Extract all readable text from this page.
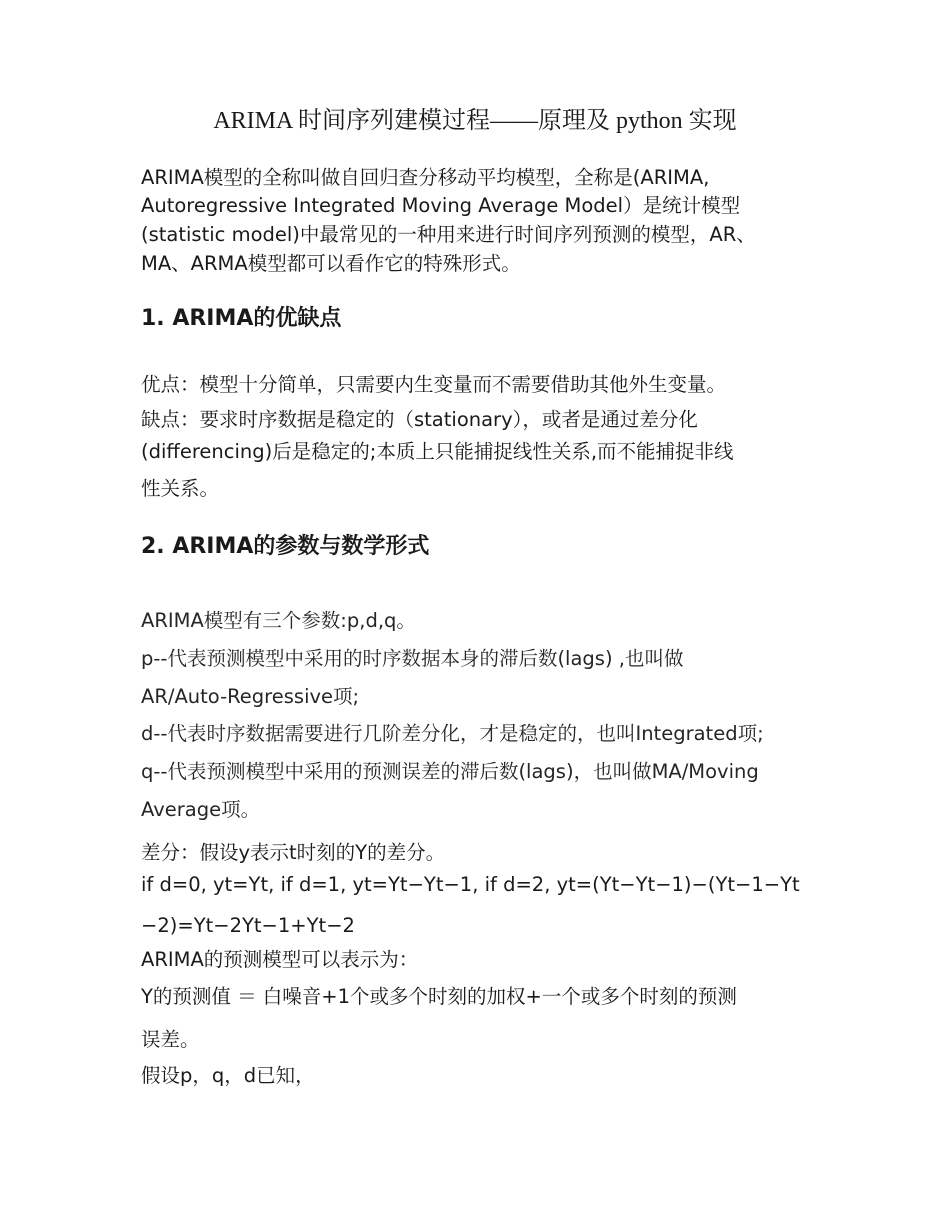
ARIMA 时间序列建模过程——原理及 python 实现
ARIMA模型的全称叫做自回归查分移动平均模型，全称是(ARIMA,
Autoregressive Integrated Moving Average Model）是统计模型
(statistic model)中最常见的一种用来进行时间序列预测的模型，AR、
MA、ARMA模型都可以看作它的特殊形式。
1. ARIMA的优缺点
优点：模型十分简单，只需要内生变量而不需要借助其他外生变量。
缺点：要求时序数据是稳定的（stationary），或者是通过差分化
(differencing)后是稳定的;本质上只能捕捉线性关系,而不能捕捉非线
性关系。
2. ARIMA的参数与数学形式
ARIMA模型有三个参数:p,d,q。
p--代表预测模型中采用的时序数据本身的滞后数(lags) ,也叫做
AR/Auto-Regressive项;
d--代表时序数据需要进行几阶差分化，才是稳定的，也叫Integrated项;
q--代表预测模型中采用的预测误差的滞后数(lags)，也叫做MA/Moving
Average项。
差分：假设y表示t时刻的Y的差分。
if d=0, yt=Yt, if d=1, yt=Yt−Yt−1, if d=2, yt=(Yt−Yt−1)−(Yt−1−Yt
−2)=Yt−2Yt−1+Yt−2
ARIMA的预测模型可以表示为：
Y的预测值 ＝ 白噪音+1个或多个时刻的加权+一个或多个时刻的预测
误差。
假设p，q，d已知，
